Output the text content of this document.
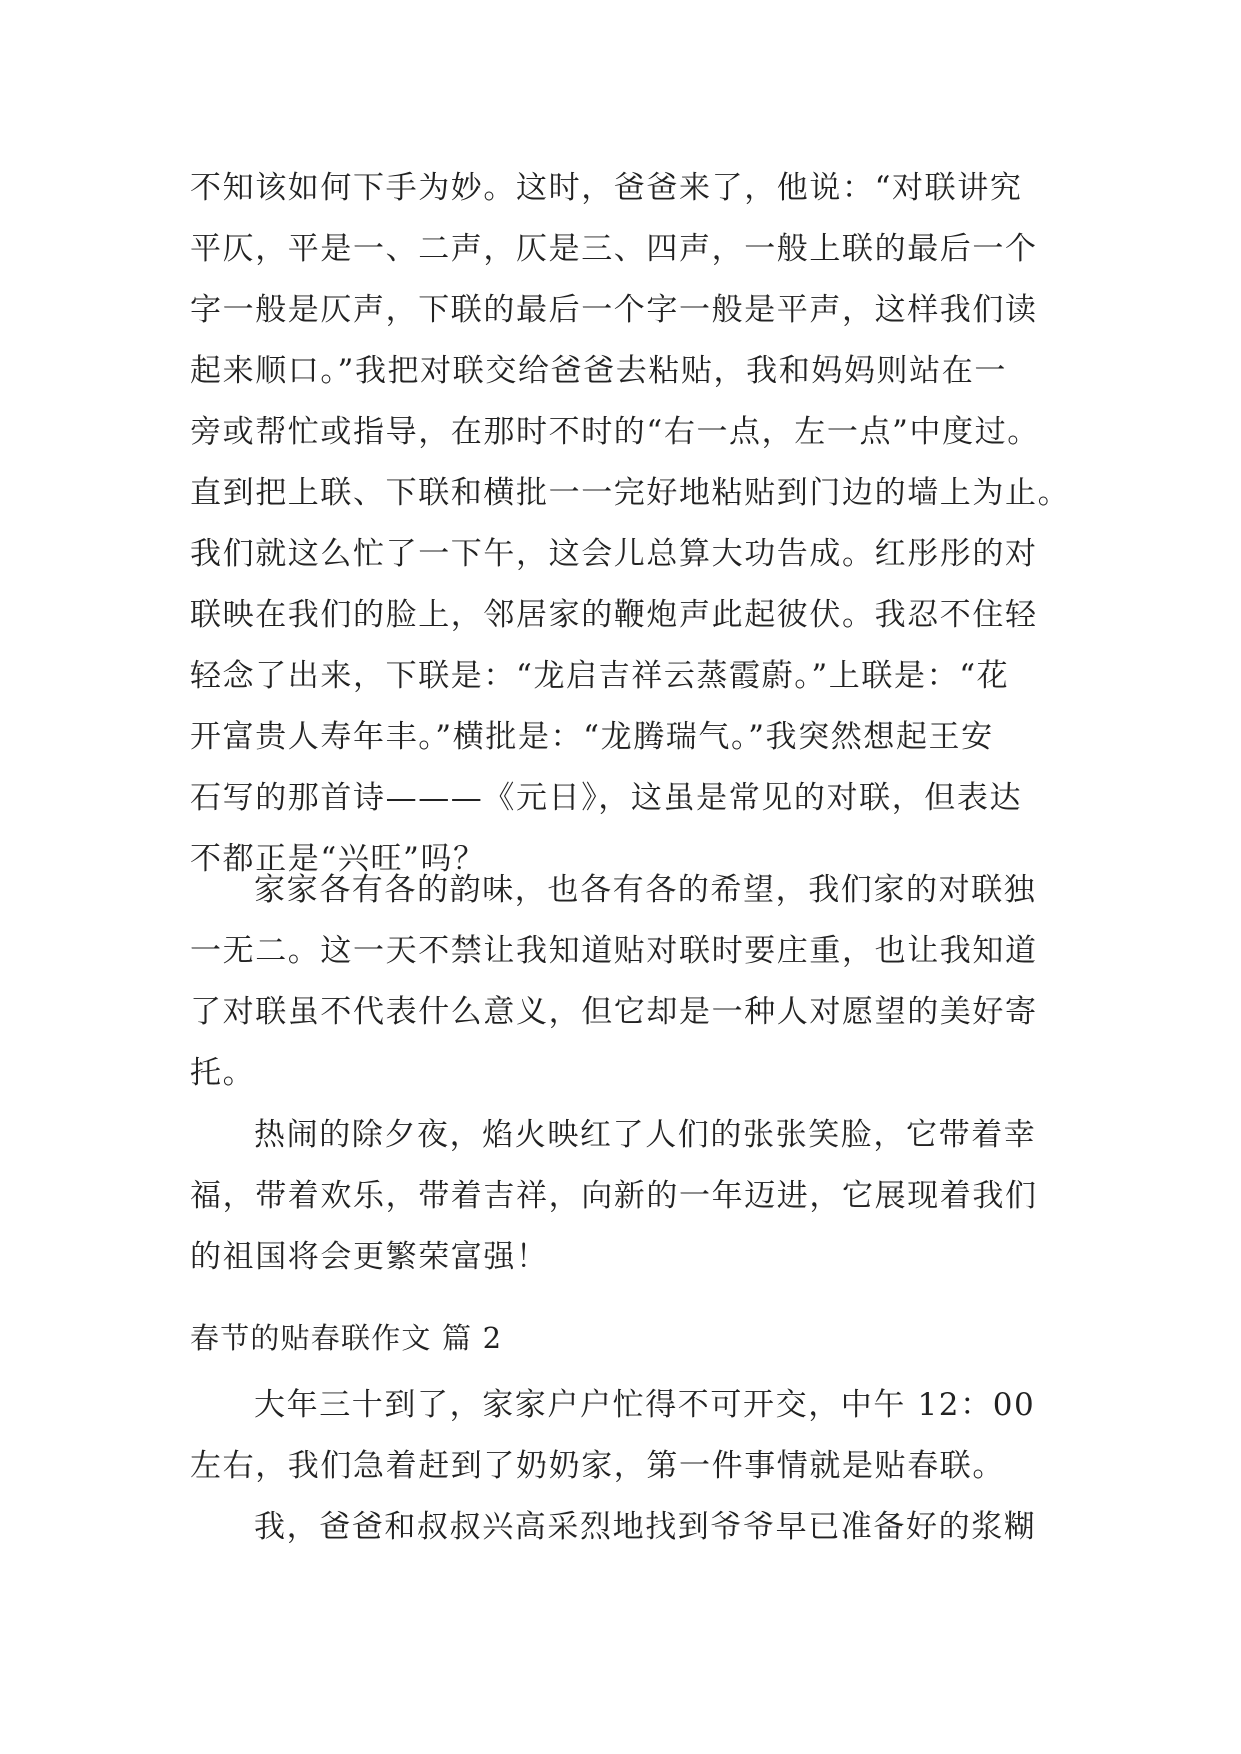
不知该如何下手为妙。这时，爸爸来了，他说：“对联讲究
平仄，平是一、二声，仄是三、四声，一般上联的最后一个
字一般是仄声，下联的最后一个字一般是平声，这样我们读
起来顺口。”我把对联交给爸爸去粘贴，我和妈妈则站在一
旁或帮忙或指导，在那时不时的“右一点，左一点”中度过。
直到把上联、下联和横批一一完好地粘贴到门边的墙上为止。
我们就这么忙了一下午，这会儿总算大功告成。红彤彤的对
联映在我们的脸上，邻居家的鞭炮声此起彼伏。我忍不住轻
轻念了出来，下联是：“龙启吉祥云蒸霞蔚。”上联是：“花
开富贵人寿年丰。”横批是：“龙腾瑞气。”我突然想起王安
石写的那首诗———《元日》，这虽是常见的对联，但表达
不都正是“兴旺”吗？
家家各有各的韵味，也各有各的希望，我们家的对联独
一无二。这一天不禁让我知道贴对联时要庄重，也让我知道
了对联虽不代表什么意义，但它却是一种人对愿望的美好寄
托。
热闹的除夕夜，焰火映红了人们的张张笑脸，它带着幸
福，带着欢乐，带着吉祥，向新的一年迈进，它展现着我们
的祖国将会更繁荣富强！
春节的贴春联作文 篇 2
大年三十到了，家家户户忙得不可开交，中午 12：00
左右，我们急着赶到了奶奶家，第一件事情就是贴春联。
我，爸爸和叔叔兴高采烈地找到爷爷早已准备好的浆糊
